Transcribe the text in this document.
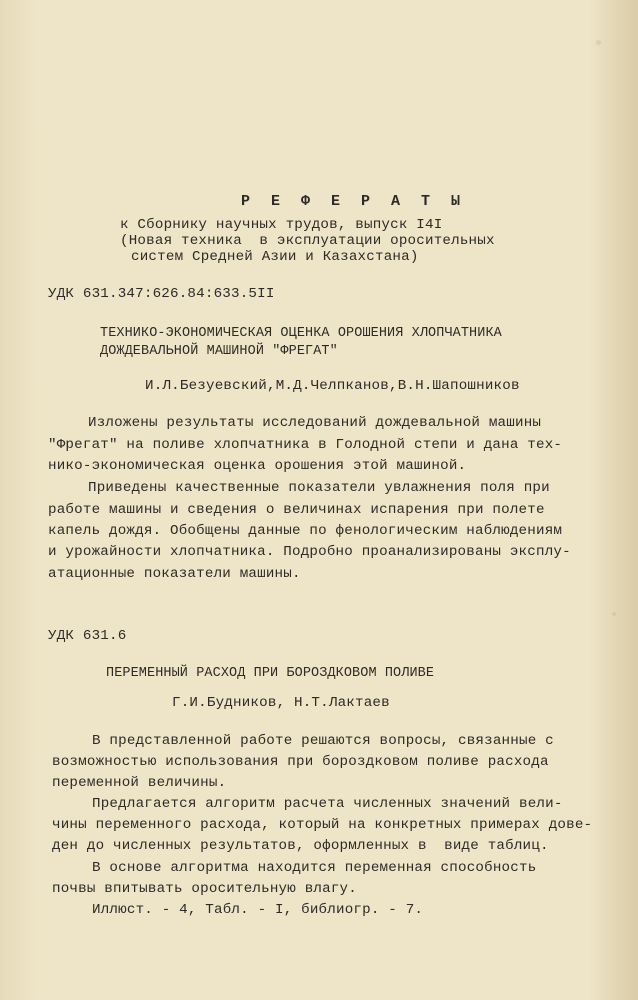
Р Е Ф Е Р А Т Ы
к Сборнику научных трудов, выпуск I4I
(Новая техника  в эксплуатации оросительных
систем Средней Азии и Казахстана)
УДК 631.347:626.84:633.5II
ТЕХНИКО-ЭКОНОМИЧЕСКАЯ ОЦЕНКА ОРОШЕНИЯ ХЛОПЧАТНИКА
ДОЖДЕВАЛЬНОЙ МАШИНОЙ "ФРЕГАТ"
И.Л.Безуевский,М.Д.Челпканов,В.Н.Шапошников
Изложены результаты исследований дождевальной машины
"Фрегат" на поливе хлопчатника в Голодной степи и дана тех-
нико-экономическая оценка орошения этой машиной.
Приведены качественные показатели увлажнения поля при
работе машины и сведения о величинах испарения при полете
капель дождя. Обобщены данные по фенологическим наблюдениям
и урожайности хлопчатника. Подробно проанализированы эксплу-
атационные показатели машины.
УДК 631.6
ПЕРЕМЕННЫЙ РАСХОД ПРИ БОРОЗДКОВОМ ПОЛИВЕ
Г.И.Будников, Н.Т.Лактаев
В представленной работе решаются вопросы, связанные с
возможностью использования при бороздковом поливе расхода
переменной величины.
Предлагается алгоритм расчета численных значений вели-
чины переменного расхода, который на конкретных примерах дове-
ден до численных результатов, оформленных в  виде таблиц.
В основе алгоритма находится переменная способность
почвы впитывать оросительную влагу.
Иллюст. - 4, Табл. - I, библиогр. - 7.
